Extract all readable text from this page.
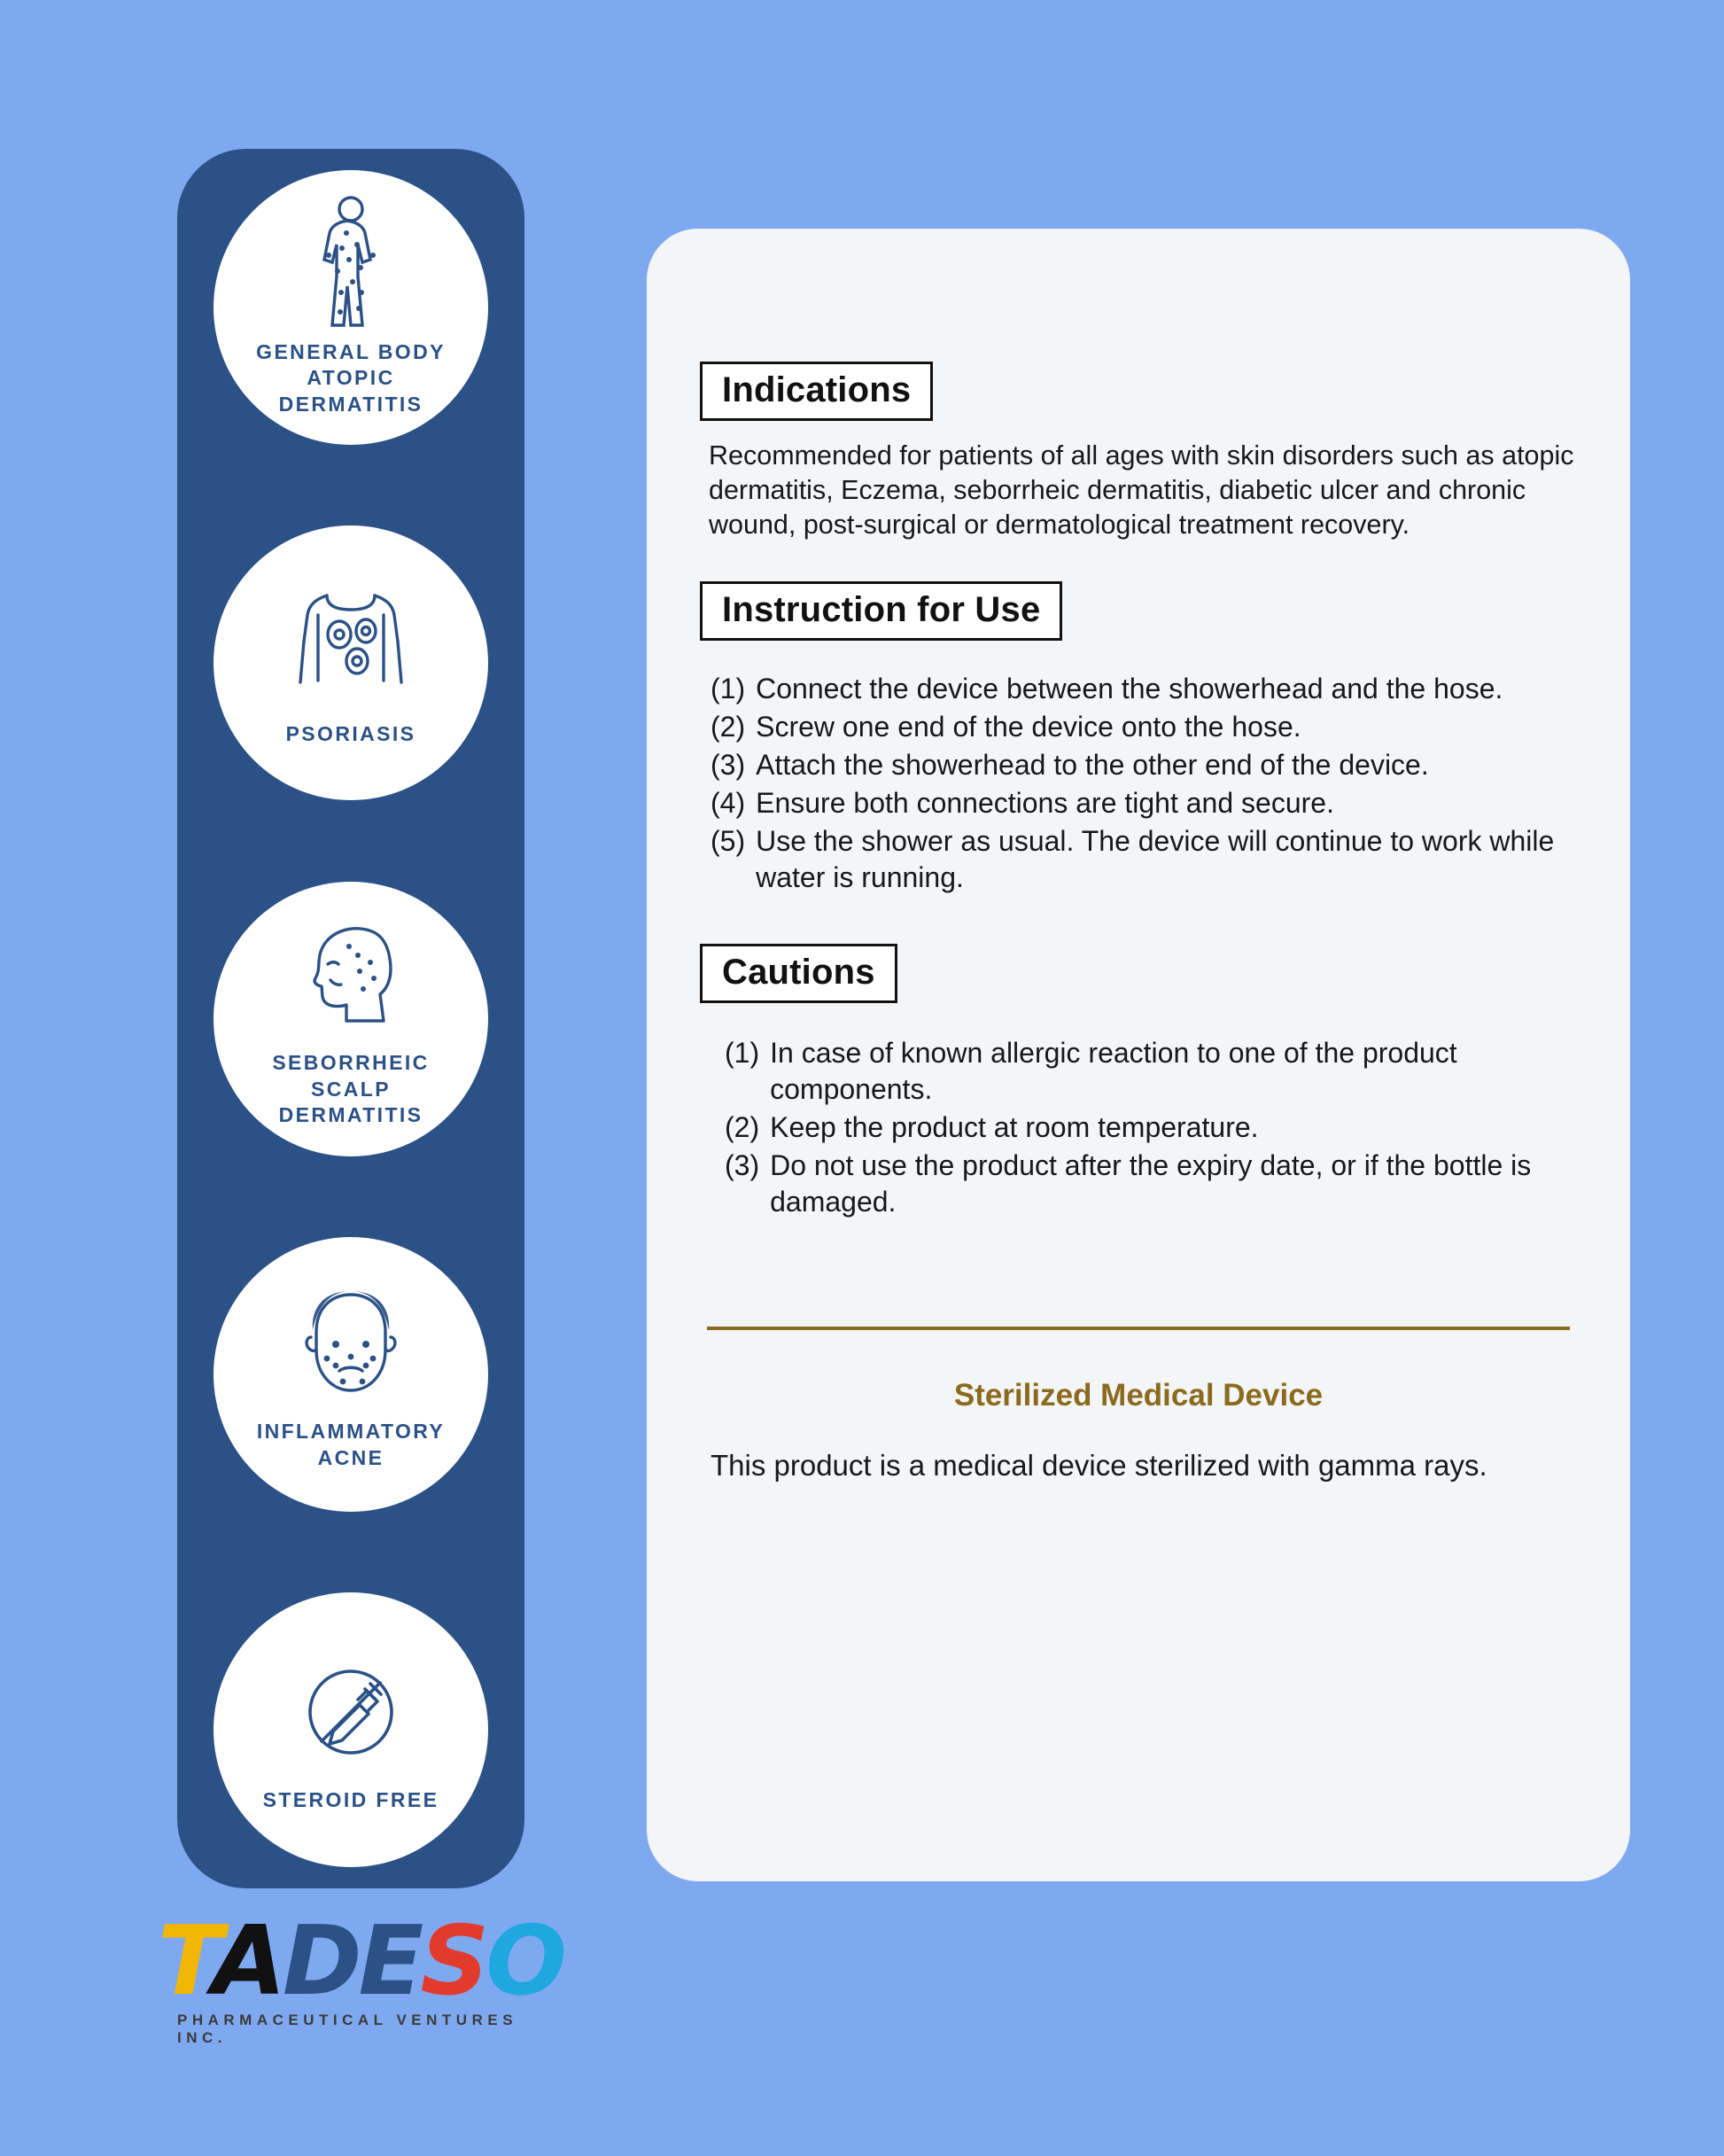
GENERAL BODY ATOPIC DERMATITIS
PSORIASIS
SEBORRHEIC SCALP DERMATITIS
INFLAMMATORY ACNE
STEROID FREE
Indications
Recommended for patients of all ages with skin disorders such as atopic dermatitis, Eczema, seborrheic dermatitis, diabetic ulcer and chronic wound, post-surgical or dermatological treatment recovery.
Instruction for Use
(1) Connect the device between the showerhead and the hose.
(2) Screw one end of the device onto the hose.
(3) Attach the showerhead to the other end of the device.
(4) Ensure both connections are tight and secure.
(5) Use the shower as usual. The device will continue to work while water is running.
Cautions
(1) In case of known allergic reaction to one of the product components.
(2) Keep the product at room temperature.
(3) Do not use the product after the expiry date, or if the bottle is damaged.
Sterilized Medical Device
This product is a medical device sterilized with gamma rays.
TADESO
PHARMACEUTICAL VENTURES INC.
